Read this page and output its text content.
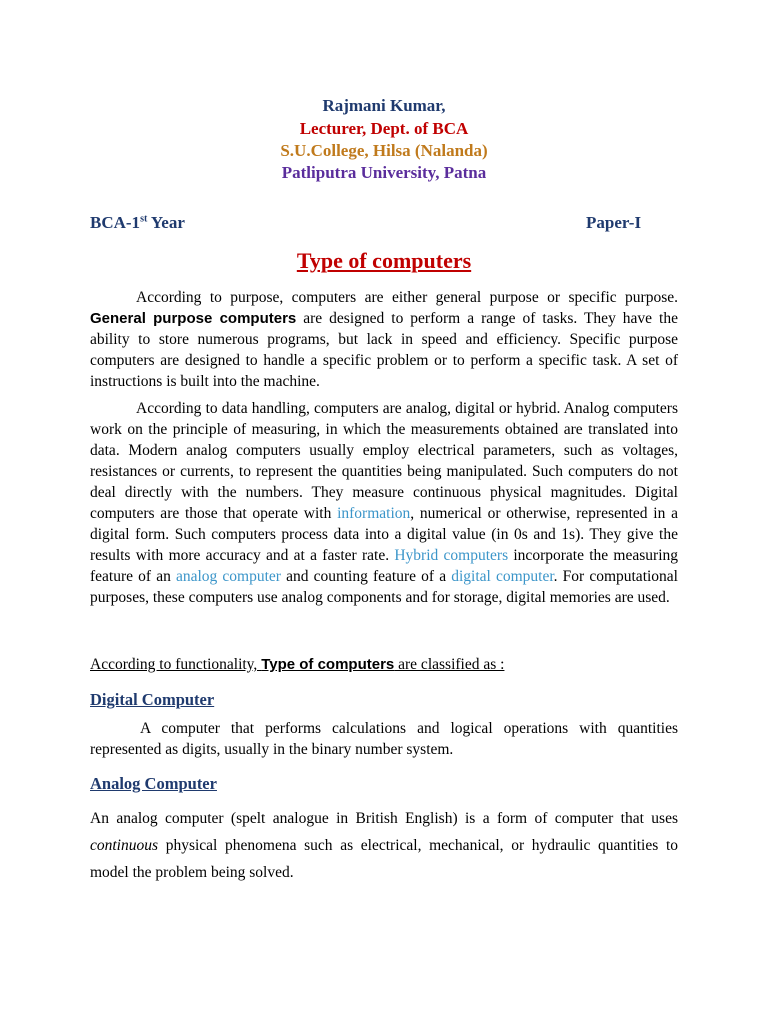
Rajmani Kumar,
Lecturer, Dept. of BCA
S.U.College, Hilsa (Nalanda)
Patliputra University, Patna
BCA-1st Year	Paper-I
Type of computers
According to purpose, computers are either general purpose or specific purpose. General purpose computers are designed to perform a range of tasks. They have the ability to store numerous programs, but lack in speed and efficiency. Specific purpose computers are designed to handle a specific problem or to perform a specific task. A set of instructions is built into the machine.
According to data handling, computers are analog, digital or hybrid. Analog computers work on the principle of measuring, in which the measurements obtained are translated into data. Modern analog computers usually employ electrical parameters, such as voltages, resistances or currents, to represent the quantities being manipulated. Such computers do not deal directly with the numbers. They measure continuous physical magnitudes. Digital computers are those that operate with information, numerical or otherwise, represented in a digital form. Such computers process data into a digital value (in 0s and 1s). They give the results with more accuracy and at a faster rate. Hybrid computers incorporate the measuring feature of an analog computer and counting feature of a digital computer. For computational purposes, these computers use analog components and for storage, digital memories are used.
According to functionality, Type of computers are classified as :
Digital Computer
A computer that performs calculations and logical operations with quantities represented as digits, usually in the binary number system.
Analog Computer
An analog computer (spelt analogue in British English) is a form of computer that uses continuous physical phenomena such as electrical, mechanical, or hydraulic quantities to model the problem being solved.
